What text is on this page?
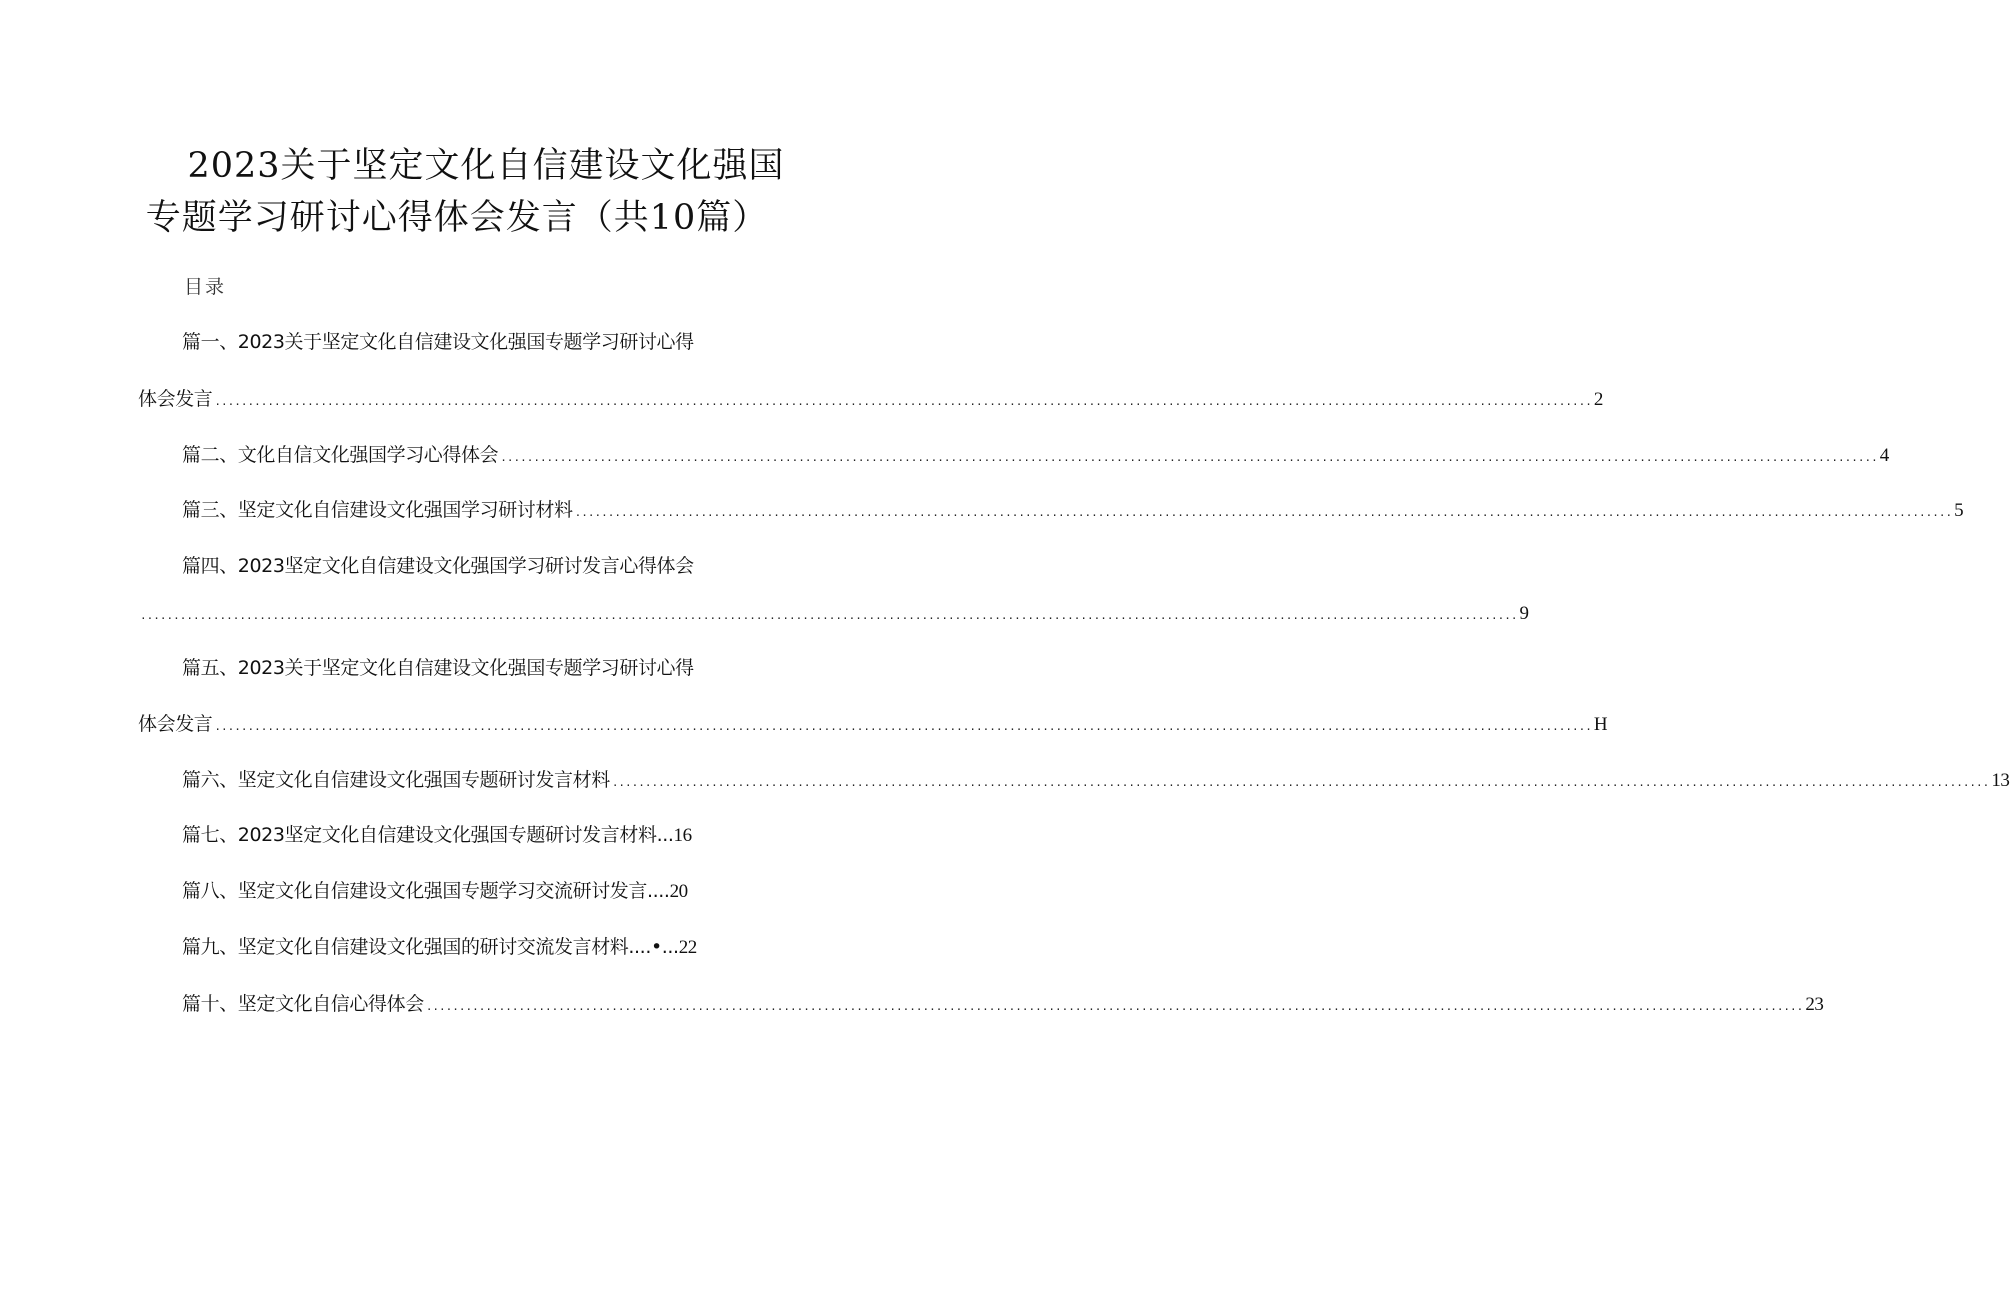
2023关于坚定文化自信建设文化强国
专题学习研讨心得体会发言（共10篇）
目录
篇一、2023关于坚定文化自信建设文化强国专题学习研讨心得
体会发言 ................................................................................................................................................................................................................ 2
篇二、文化自信文化强国学习心得体会 ................................................................................................................................................................................................................ 4
篇三、坚定文化自信建设文化强国学习研讨材料 ................................................................................................................................................................................................................ 5
篇四、2023坚定文化自信建设文化强国学习研讨发言心得体会
................................................................................................................................................................................................................ 9
篇五、2023关于坚定文化自信建设文化强国专题学习研讨心得
体会发言 ................................................................................................................................................................................................................ H
篇六、坚定文化自信建设文化强国专题研讨发言材料 ................................................................................................................................................................................................................ 13
篇七、2023坚定文化自信建设文化强国专题研讨发言材料...16
篇八、坚定文化自信建设文化强国专题学习交流研讨发言....20
篇九、坚定文化自信建设文化强国的研讨交流发言材料....•...22
篇十、坚定文化自信心得体会 ................................................................................................................................................................................................................ 23
